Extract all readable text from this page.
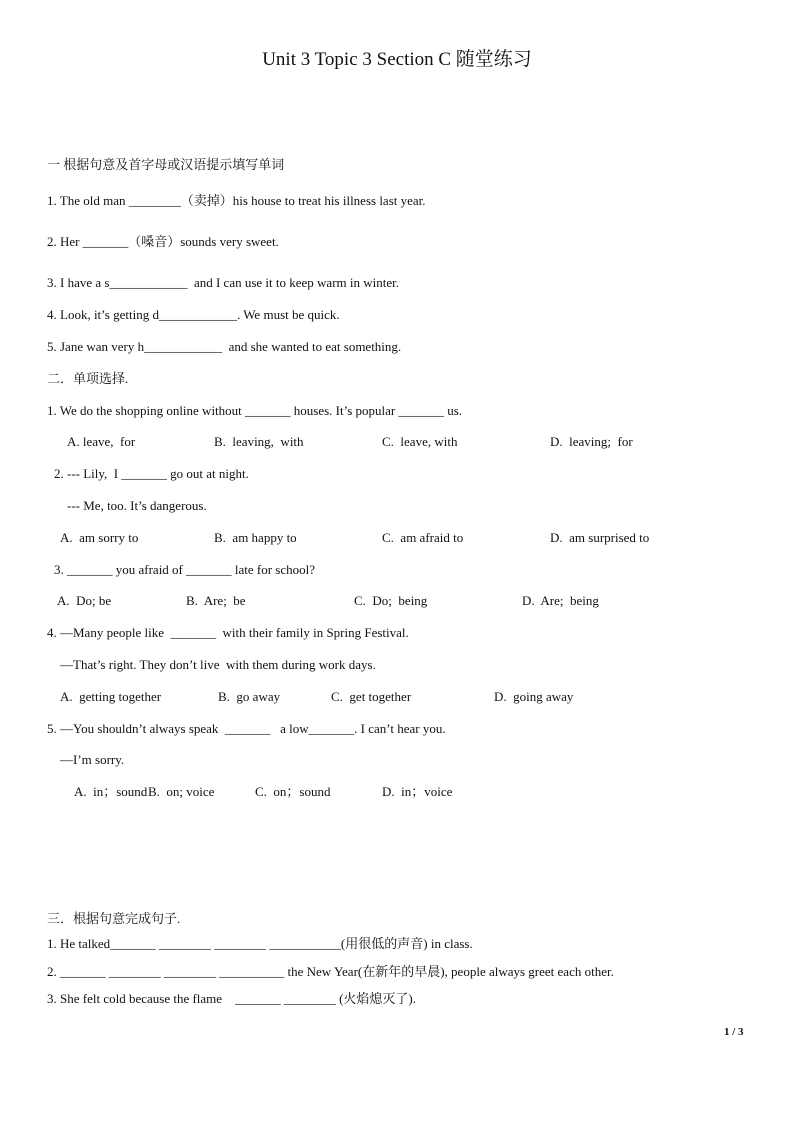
Unit 3 Topic 3 Section C 随堂练习
一 根据句意及首字母或汉语提示填写单词
1. The old man ________（卖掉）his house to treat his illness last year.
2. Her _______（嗓音）sounds very sweet.
3. I have a s____________  and I can use it to keep warm in winter.
4. Look, it’s getting d____________. We must be quick.
5. Jane wan very h____________  and she wanted to eat something.
二．单项选择.
1. We do the shopping online without _______ houses. It’s popular _______ us.
A. leave,  for	B.  leaving,  with	C.  leave, with	D.  leaving;  for
2. --- Lily,  I _______ go out at night.
--- Me, too. It’s dangerous.
A.  am sorry to	B.  am happy to	C.  am afraid to	D.  am surprised to
3. _______ you afraid of _______ late for school?
A.  Do; be	B.  Are;  be	C.  Do;  being	D.  Are;  being
4. —Many people like  _______  with their family in Spring Festival.
—That’s right. They don’t live  with them during work days.
A.  getting together	B.  go away	C.  get together	D.  going away
5. —You shouldn’t always speak  _______   a low_______. I can’t hear you.
—I’m sorry.
A.  in；sound B.  on; voice	C.  on；sound	D.  in；voice
三．根据句意完成句子.
1. He talked_______ ________ ________ ___________(用很低的声音) in class.
2. _______ ________ ________ __________ the New Year(在新年的早晨), people always greet each other.
3. She felt cold because the flame    _______ ________ (火焰熄灭了).
1 / 3
